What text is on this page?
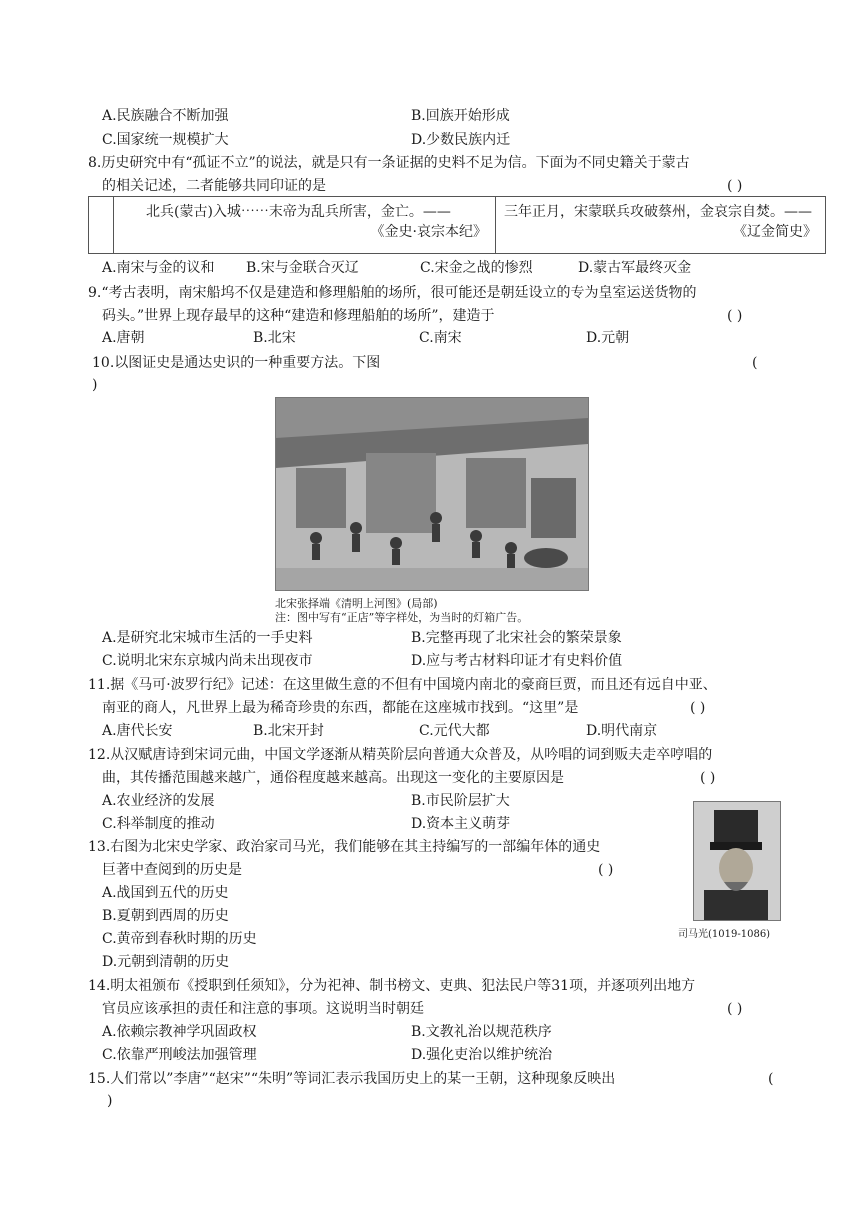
A.民族融合不断加强	B.回族开始形成
C.国家统一规模扩大	D.少数民族内迁
8.历史研究中有“孤证不立”的说法，就是只有一条证据的史料不足为信。下面为不同史籍关于蒙古
的相关记述，二者能够共同印证的是	( )

北兵(蒙古)入城⋯⋯末帝为乱兵所害，金亡。——
《金史·哀宗本纪》

三年正月，宋蒙联兵攻破蔡州，金哀宗自焚。——
《辽金简史》
A.南宋与金的议和 B.宋与金联合灭辽	C.宋金之战的惨烈	D.蒙古军最终灭金
9.“考古表明，南宋船坞不仅是建造和修理船舶的场所，很可能还是朝廷设立的专为皇室运送货物的
码头。”世界上现存最早的这种“建造和修理船舶的场所”，建造于	( )
A.唐朝	B.北宋	C.南宋	D.元朝
10.以图证史是通达史识的一种重要方法。下图	(
)
北宋张择端《清明上河图》(局部)
注：图中写有“正店”等字样处，为当时的灯箱广告。
A.是研究北宋城市生活的一手史料	B.完整再现了北宋社会的繁荣景象
C.说明北宋东京城内尚未出现夜市	D.应与考古材料印证才有史料价值
11.据《马可·波罗行纪》记述：在这里做生意的不但有中国境内南北的豪商巨贾，而且还有远自中亚、
南亚的商人，凡世界上最为稀奇珍贵的东西，都能在这座城市找到。“这里”是	( )
A.唐代长安	B.北宋开封	C.元代大都	D.明代南京
12.从汉赋唐诗到宋词元曲，中国文学逐渐从精英阶层向普通大众普及，从吟唱的词到贩夫走卒哼唱的
曲，其传播范围越来越广，通俗程度越来越高。出现这一变化的主要原因是	( )
A.农业经济的发展	B.市民阶层扩大
C.科举制度的推动	D.资本主义萌芽
司马光(1019-1086)
13.右图为北宋史学家、政治家司马光，我们能够在其主持编写的一部编年体的通史
巨著中查阅到的历史是	( )
A.战国到五代的历史
B.夏朝到西周的历史
C.黄帝到春秋时期的历史
D.元朝到清朝的历史
14.明太祖颁布《授职到任须知》，分为祀神、制书榜文、吏典、犯法民户等31项，并逐项列出地方
官员应该承担的责任和注意的事项。这说明当时朝廷	( )
A.依赖宗教神学巩固政权	B.文教礼治以规范秩序
C.依靠严刑峻法加强管理	D.强化吏治以维护统治
15.人们常以”李唐”“赵宋”“朱明”等词汇表示我国历史上的某一王朝，这种现象反映出	(
)
